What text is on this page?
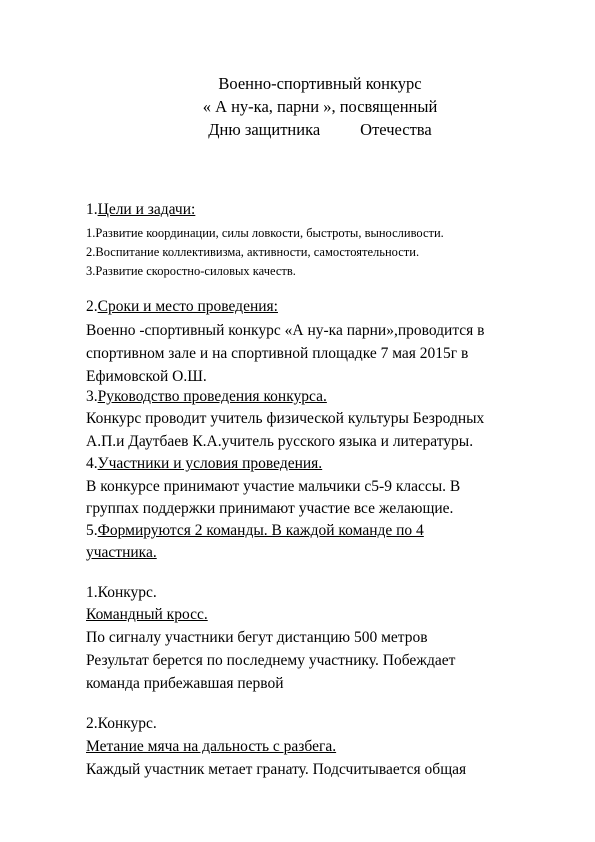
Военно-спортивный конкурс
« А ну-ка, парни », посвященный
Дню защитника Отечества
1.Цели и задачи:
1.Развитие координации, силы ловкости, быстроты, выносливости.
2.Воспитание коллективизма, активности, самостоятельности.
3.Развитие скоростно-силовых качеств.
2.Сроки и место проведения:
Военно -спортивный конкурс «А ну-ка парни»,проводится в
спортивном зале и на спортивной площадке 7 мая 2015г в
Ефимовской О.Ш.
3.Руководство проведения конкурса.
Конкурс проводит учитель физической культуры Безродных
А.П.и Даутбаев К.А.учитель русского языка и литературы.
4.Участники и условия проведения.
В конкурсе принимают участие мальчики с5-9 классы. В
группах поддержки принимают участие все желающие.
5.Формируются 2 команды. В каждой команде по 4
участника.
1.Конкурс.
Командный кросс.
По сигналу участники бегут дистанцию 500 метров
Результат берется по последнему участнику. Побеждает
команда прибежавшая первой
2.Конкурс.
Метание мяча на дальность с разбега.
Каждый участник метает гранату. Подсчитывается общая
